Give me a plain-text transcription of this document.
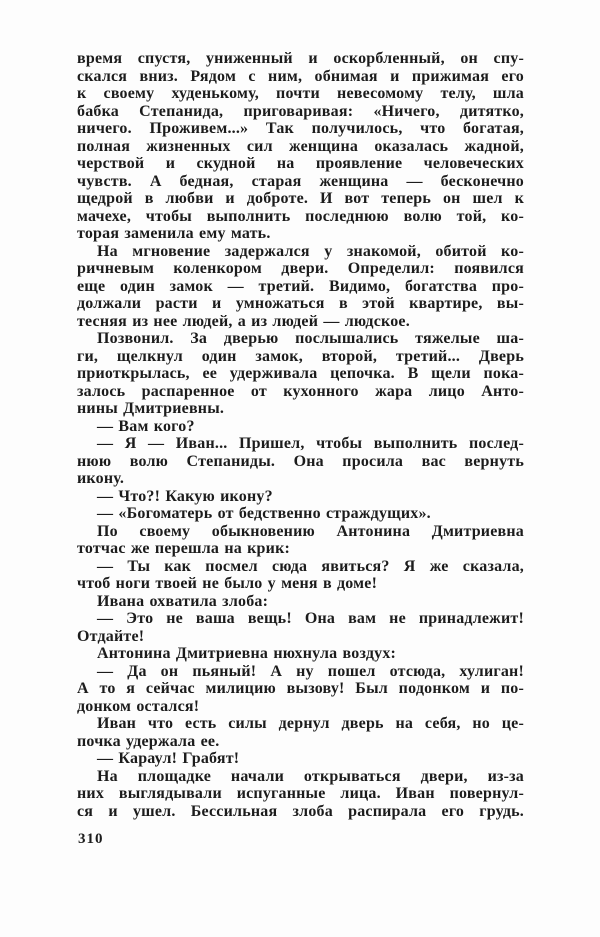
время спустя, униженный и оскорбленный, он спу-
скался вниз. Рядом с ним, обнимая и прижимая его
к своему худенькому, почти невесомому телу, шла
бабка Степанида, приговаривая: «Ничего, дитятко,
ничего. Проживем...» Так получилось, что богатая,
полная жизненных сил женщина оказалась жадной,
черствой и скудной на проявление человеческих
чувств. А бедная, старая женщина — бесконечно
щедрой в любви и доброте. И вот теперь он шел к
мачехе, чтобы выполнить последнюю волю той, ко-
торая заменила ему мать.
На мгновение задержался у знакомой, обитой ко-
ричневым коленкором двери. Определил: появился
еще один замок — третий. Видимо, богатства про-
должали расти и умножаться в этой квартире, вы-
тесняя из нее людей, а из людей — людское.
Позвонил. За дверью послышались тяжелые ша-
ги, щелкнул один замок, второй, третий... Дверь
приоткрылась, ее удерживала цепочка. В щели пока-
залось распаренное от кухонного жара лицо Анто-
нины Дмитриевны.
— Вам кого?
— Я — Иван... Пришел, чтобы выполнить послед-
нюю волю Степаниды. Она просила вас вернуть
икону.
— Что?! Какую икону?
— «Богоматерь от бедственно страждущих».
По своему обыкновению Антонина Дмитриевна
тотчас же перешла на крик:
— Ты как посмел сюда явиться? Я же сказала,
чтоб ноги твоей не было у меня в доме!
Ивана охватила злоба:
— Это не ваша вещь! Она вам не принадлежит!
Отдайте!
Антонина Дмитриевна нюхнула воздух:
— Да он пьяный! А ну пошел отсюда, хулиган!
А то я сейчас милицию вызову! Был подонком и по-
донком остался!
Иван что есть силы дернул дверь на себя, но це-
почка удержала ее.
— Караул! Грабят!
На площадке начали открываться двери, из-за
них выглядывали испуганные лица. Иван повернул-
ся и ушел. Бессильная злоба распирала его грудь.
310
